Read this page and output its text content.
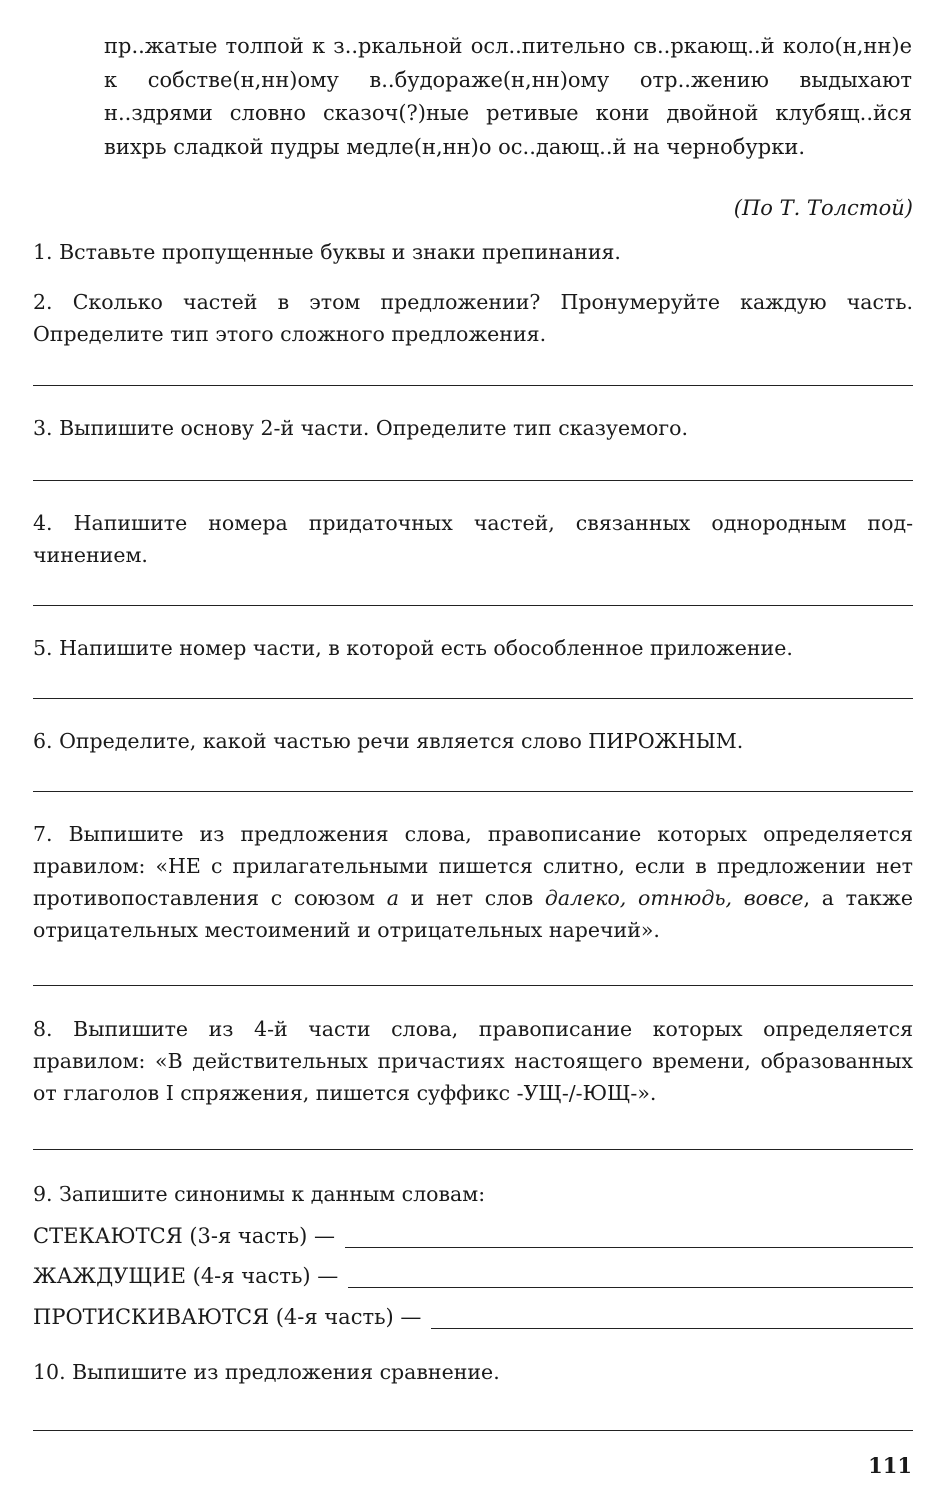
пр..жатые толпой к з..ркальной осл..пительно св..ркающ..й коло(н,нн)е к собстве(н,нн)ому в..будораже(н,нн)ому отр..жению выдыхают н..здрями словно сказоч(?)ные ретивые кони двойной клубящ..йся вихрь сладкой пудры медле(н,нн)о ос..дающ..й на чернобурки.
(По Т. Толстой)
1. Вставьте пропущенные буквы и знаки препинания.
2. Сколько частей в этом предложении? Пронумеруйте каждую часть. Определите тип этого сложного предложения.
3. Выпишите основу 2-й части. Определите тип сказуемого.
4. Напишите номера придаточных частей, связанных однородным подчинением.
5. Напишите номер части, в которой есть обособленное приложение.
6. Определите, какой частью речи является слово ПИРОЖНЫМ.
7. Выпишите из предложения слова, правописание которых определяется правилом: «НЕ с прилагательными пишется слитно, если в предложении нет противопоставления с союзом а и нет слов далеко, отнюдь, вовсе, а также отрицательных местоимений и отрицательных наречий».
8. Выпишите из 4-й части слова, правописание которых определяется правилом: «В действительных причастиях настоящего времени, образованных от глаголов I спряжения, пишется суффикс -УЩ-/-ЮЩ-».
9. Запишите синонимы к данным словам:
СТЕКАЮТСЯ (3-я часть) —
ЖАЖДУЩИЕ (4-я часть) —
ПРОТИСКИВАЮТСЯ (4-я часть) —
10. Выпишите из предложения сравнение.
111
